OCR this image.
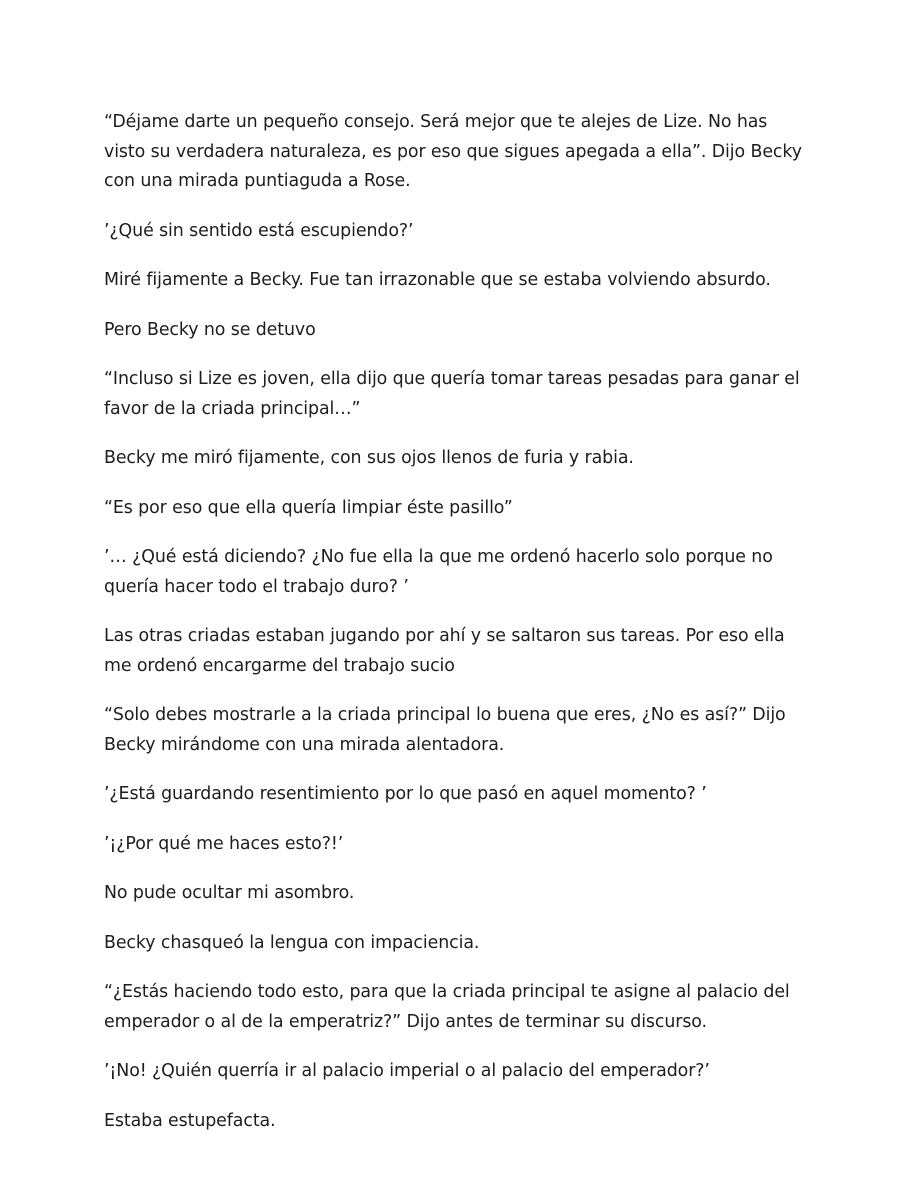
“Déjame darte un pequeño consejo. Será mejor que te alejes de Lize. No has visto su verdadera naturaleza, es por eso que sigues apegada a ella”. Dijo Becky con una mirada puntiaguda a Rose.

’¿Qué sin sentido está escupiendo?’

Miré fijamente a Becky. Fue tan irrazonable que se estaba volviendo absurdo.

Pero Becky no se detuvo

“Incluso si Lize es joven, ella dijo que quería tomar tareas pesadas para ganar el favor de la criada principal…”

Becky me miró fijamente, con sus ojos llenos de furia y rabia.

“Es por eso que ella quería limpiar éste pasillo”

’… ¿Qué está diciendo? ¿No fue ella la que me ordenó hacerlo solo porque no quería hacer todo el trabajo duro? ’

Las otras criadas estaban jugando por ahí y se saltaron sus tareas. Por eso ella me ordenó encargarme del trabajo sucio

“Solo debes mostrarle a la criada principal lo buena que eres, ¿No es así?” Dijo Becky mirándome con una mirada alentadora.

’¿Está guardando resentimiento por lo que pasó en aquel momento? ’

’¡¿Por qué me haces esto?!’

No pude ocultar mi asombro.

Becky chasqueó la lengua con impaciencia.

“¿Estás haciendo todo esto, para que la criada principal te asigne al palacio del emperador o al de la emperatriz?” Dijo antes de terminar su discurso.

’¡No! ¿Quién querría ir al palacio imperial o al palacio del emperador?’

Estaba estupefacta.
